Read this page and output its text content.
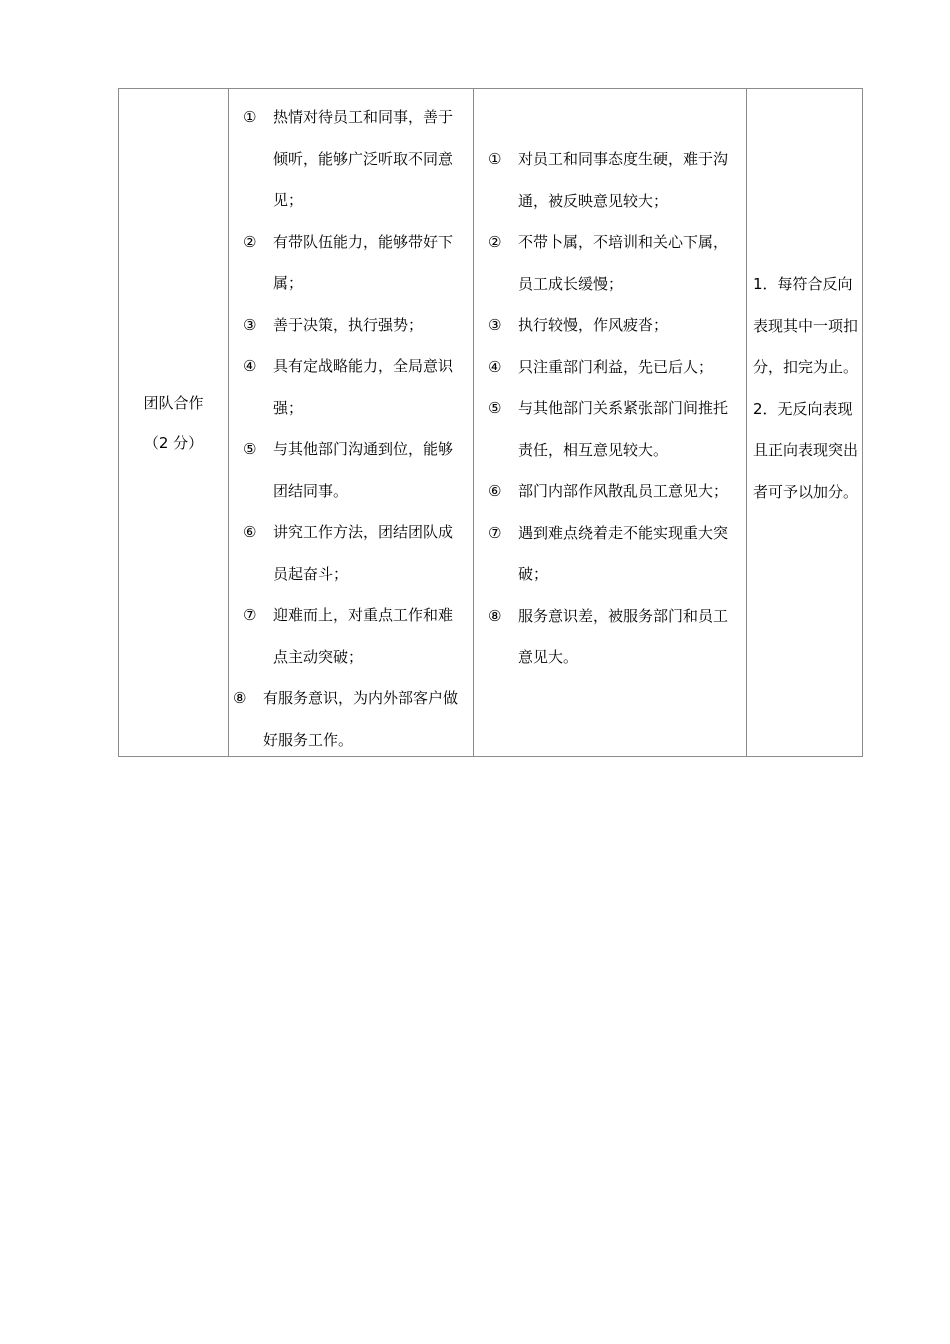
团队合作
（2 分）
①	热情对待员工和同事，善于倾听，能够广泛听取不同意见；
②	有带队伍能力，能够带好下属；
③	善于决策，执行强势；
④	具有定战略能力，全局意识强；
⑤	与其他部门沟通到位，能够团结同事。
⑥	讲究工作方法，团结团队成员起奋斗；
⑦	迎难而上，对重点工作和难点主动突破；
⑧	有服务意识，为内外部客户做好服务工作。
①	对员工和同事态度生硬，难于沟通，被反映意见较大；
②	不带卜属，不培训和关心下属，员工成长缓慢；
③	执行较慢，作风疲沓；
④	只注重部门利益，先已后人；
⑤	与其他部门关系紧张部门间推托责任，相互意见较大。
⑥	部门内部作风散乱员工意见大；
⑦	遇到难点绕着走不能实现重大突破；
⑧	服务意识差，被服务部门和员工意见大。
1．每符合反向表现其中一项扣分，扣完为止。
2．无反向表现且正向表现突出者可予以加分。
